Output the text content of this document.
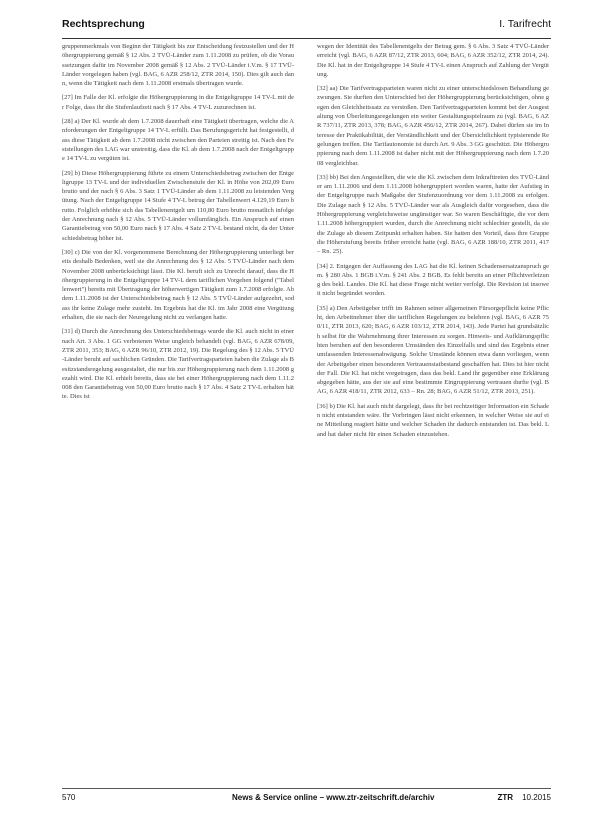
Rechtsprechung	I. Tarifrecht

gruppenmerkmals von Beginn der Tätigkeit bis zur Entscheidung festzustellen und der Höhergruppierung gemäß § 12 Abs. 2 TVÜ-Länder zum 1.11.2008 zu prüfen, ob die Voraussetzungen dafür im November 2008 gemäß § 12 Abs. 2 TVÜ-Länder i.V.m. § 17 TVÜ-Länder vorgelegen haben (vgl. BAG, 6 AZR 258/12, ZTR 2014, 150). Dies gilt auch dann, wenn die Tätigkeit nach dem 1.11.2008 erstmals übertragen wurde.

[27] Im Falle der Kl. erfolgte die Höhergruppierung in die Entgeltgruppe 14 TV-L mit der Folge, dass ihr die Stufenlaufzeit nach § 17 Abs. 4 TV-L zuzurechnen ist.

[28] a) Der Kl. wurde ab dem 1.7.2008 dauerhaft eine Tätigkeit übertragen, welche die Anforderungen der Entgeltgruppe 14 TV-L erfüllt. Das Berufungsgericht hat festgestellt, dass diese Tätigkeit ab dem 1.7.2008 nicht zwischen den Parteien streitig ist. Nach den Feststellungen des LAG war unstreitig, dass die Kl. ab dem 1.7.2008 nach der Entgeltgruppe 14 TV-L zu vergüten ist.

[29] b) Diese Höhergruppierung führte zu einem Unterschiedsbetrag zwischen der Entgeltgruppe 13 TV-L und der individuellen Zwischenstufe der Kl. in Höhe von 202,09 Euro brutto und der nach § 6 Abs. 3 Satz 1 TVÜ-Länder ab dem 1.11.2008 zu leistenden Vergütung. Nach der Entgeltgruppe 14 Stufe 4 TV-L betrug der Tabellenwert 4.129,19 Euro brutto. Folglich erhöhte sich das Tabellenentgelt um 110,80 Euro brutto monatlich infolge der Anrechnung nach § 12 Abs. 5 TVÜ-Länder vollumfänglich. Ein Anspruch auf einen Garantiebetrag von 50,00 Euro nach § 17 Abs. 4 Satz 2 TV-L bestand nicht, da der Unterschiedsbetrag höher ist.

[30] c) Die von der Kl. vorgenommene Berechnung der Höhergruppierung unterliegt bereits deshalb Bedenken, weil sie die Anrechnung des § 12 Abs. 5 TVÜ-Länder nach dem November 2008 unberücksichtigt lässt. Die Kl. beruft sich zu Unrecht darauf, dass die Höhergruppierung in die Entgeltgruppe 14 TV-L dem tariflichen Vorgehen folgend ("Tabellenwert") bereits mit Übertragung der höherwertigen Tätigkeit zum 1.7.2008 erfolgte. Ab dem 1.11.2008 ist der Unterschiedsbetrag nach § 12 Abs. 5 TVÜ-Länder aufgezehrt, sodass ihr keine Zulage mehr zusteht. Im Ergebnis hat die Kl. im Jahr 2008 eine Vergütung erhalten, die sie nach der Neuregelung nicht zu verlangen hatte.

[31] d) Durch die Anrechnung des Unterschiedsbetrags wurde die Kl. auch nicht in einer nach Art. 3 Abs. 1 GG verbotenen Weise ungleich behandelt (vgl. BAG, 6 AZR 678/09, ZTR 2011, 353; BAG, 6 AZR 96/10, ZTR 2012, 19). Die Regelung des § 12 Abs. 5 TVÜ-Länder beruht auf sachlichen Gründen. Die Tarifvertragsparteien haben die Zulage als Besitzstandsregelung ausgestaltet, die nur bis zur Höhergruppierung nach dem 1.11.2008 gezahlt wird. Die Kl. erhielt bereits, dass sie bei einer Höhergruppierung nach dem 1.11.2008 den Garantiebetrag von 50,00 Euro brutto nach § 17 Abs. 4 Satz 2 TV-L erhalten hätte. Dies ist

wegen der Identität des Tabellenentgelts der Betrag gem. § 6 Abs. 3 Satz 4 TVÜ-Länder erreicht (vgl. BAG, 6 AZR 87/12, ZTR 2013, 604; BAG, 6 AZR 352/12, ZTR 2014, 24). Die Kl. hat in der Entgeltgruppe 14 Stufe 4 TV-L einen Anspruch auf Zahlung der Vergütung.

[32] aa) Die Tarifvertragsparteien waren nicht zu einer unterschiedslosen Behandlung gezwungen. Sie durften den Unterschied bei der Höhergruppierung berücksichtigen, ohne gegen den Gleichheitssatz zu verstoßen. Den Tarifvertragsparteien kommt bei der Ausgestaltung von Überleitungsregelungen ein weiter Gestaltungsspielraum zu (vgl. BAG, 6 AZR 737/11, ZTR 2013, 378; BAG, 6 AZR 456/12, ZTR 2014, 267). Dabei dürfen sie im Interesse der Praktikabilität, der Verständlichkeit und der Übersichtlichkeit typisierende Regelungen treffen. Die Tarifautonomie ist durch Art. 9 Abs. 3 GG geschützt. Die Höhergruppierung nach dem 1.11.2008 ist daher nicht mit der Höhergruppierung nach dem 1.7.2008 vergleichbar.

[33] bb) Bei den Angestellten, die wie die Kl. zwischen dem Inkrafttreten des TVÜ-Länder am 1.11.2006 und dem 1.11.2008 höhergruppiert worden waren, hatte der Aufstieg in der Entgeltgruppe nach Maßgabe der Stufenzuordnung vor dem 1.11.2008 zu erfolgen. Die Zulage nach § 12 Abs. 5 TVÜ-Länder war als Ausgleich dafür vorgesehen, dass die Höhergruppierung vergleichsweise ungünstiger war. So waren Beschäftigte, die vor dem 1.11.2008 höhergruppiert wurden, durch die Anrechnung nicht schlechter gestellt, da sie die Zulage ab diesem Zeitpunkt erhalten haben. Sie hatten den Vorteil, dass ihre Gruppe die Höherstufung bereits früher erreicht hatte (vgl. BAG, 6 AZR 188/10, ZTR 2011, 417 – Rn. 25).

[34] 2. Entgegen der Auffassung des LAG hat die Kl. keinen Schadensersatzanspruch gem. § 280 Abs. 1 BGB i.V.m. § 241 Abs. 2 BGB. Es fehlt bereits an einer Pflichtverletzung des bekl. Landes. Die Kl. hat diese Frage nicht weiter verfolgt. Die Revision ist insoweit nicht begründet worden.

[35] a) Den Arbeitgeber trifft im Rahmen seiner allgemeinen Fürsorgepflicht keine Pflicht, den Arbeitnehmer über die tariflichen Regelungen zu belehren (vgl. BAG, 6 AZR 750/11, ZTR 2013, 620; BAG, 6 AZR 103/12, ZTR 2014, 143). Jede Partei hat grundsätzlich selbst für die Wahrnehmung ihrer Interessen zu sorgen. Hinweis- und Aufklärungspflichten beruhen auf den besonderen Umständen des Einzelfalls und sind das Ergebnis einer umfassenden Interessenabwägung. Solche Umstände können etwa dann vorliegen, wenn der Arbeitgeber einen besonderen Vertrauenstatbestand geschaffen hat. Dies ist hier nicht der Fall. Die Kl. hat nicht vorgetragen, dass das bekl. Land ihr gegenüber eine Erklärung abgegeben hätte, aus der sie auf eine bestimmte Eingruppierung vertrauen durfte (vgl. BAG, 6 AZR 418/11, ZTR 2012, 633 – Rn. 28; BAG, 6 AZR 51/12, ZTR 2013, 251).

[36] b) Die Kl. hat auch nicht dargelegt, dass ihr bei rechtzeitiger Information ein Schaden nicht entstanden wäre. Ihr Vorbringen lässt nicht erkennen, in welcher Weise sie auf eine Mitteilung reagiert hätte und welcher Schaden ihr dadurch entstanden ist. Das bekl. Land hat daher nicht für einen Schaden einzustehen.

570	News & Service online – www.ztr-zeitschrift.de/archiv	ZTR 10.2015
